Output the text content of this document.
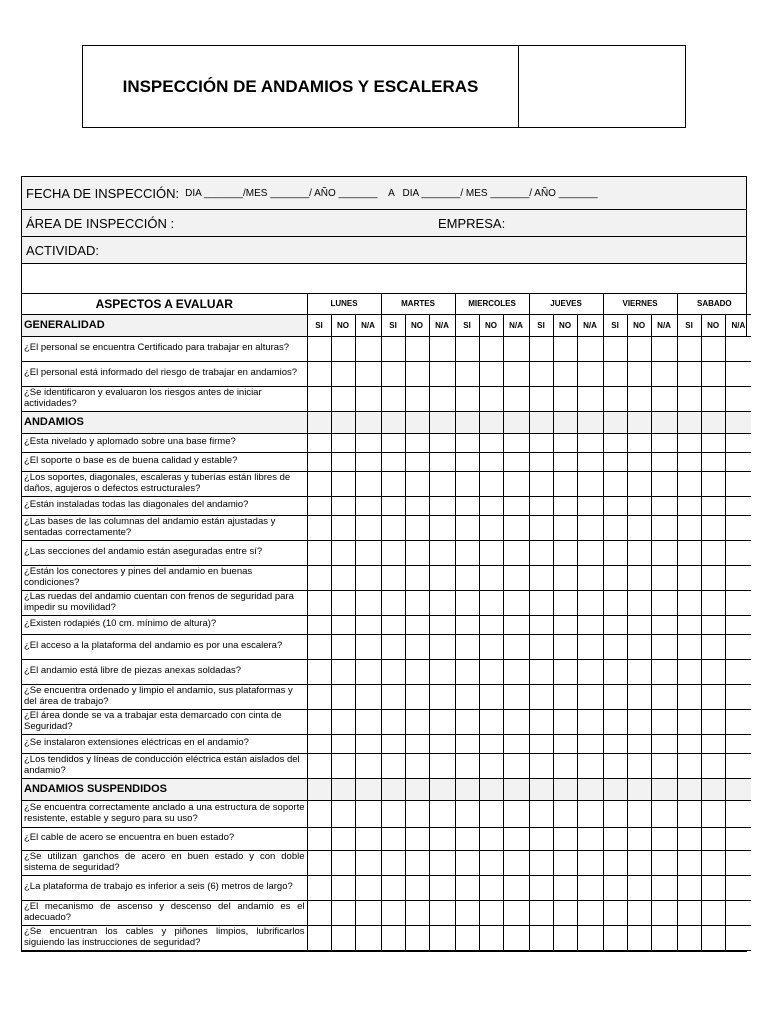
INSPECCIÓN DE ANDAMIOS Y ESCALERAS
FECHA DE INSPECCIÓN: DIA _______/MES _______/ AÑO _______    A   DIA _______/ MES _______/ AÑO _______
ÁREA DE INSPECCIÓN :	EMPRESA:
ACTIVIDAD:
ASPECTOS A EVALUAR	LUNES			MARTES			MIERCOLES			JUEVES			VIERNES			SABADO		
GENERALIDAD	SI	NO	N/A	SI	NO	N/A	SI	NO	N/A	SI	NO	N/A	SI	NO	N/A	SI	NO	N/A
¿El personal se encuentra Certificado para trabajar en alturas?																		
¿El personal está informado del riesgo de trabajar en andamios?																		
¿Se identificaron y evaluaron los riesgos antes de iniciar actividades?																		
ANDAMIOS																		
¿Esta nivelado y aplomado sobre una base firme?																		
¿El soporte o base es de buena calidad y estable?																		
¿Los soportes, diagonales, escaleras y tuberías están libres de daños, agujeros o defectos estructurales?																		
¿Están instaladas todas las diagonales del andamio?																		
¿Las bases de las columnas del andamio están ajustadas y sentadas correctamente?																		
¿Las secciones del andamio están aseguradas entre sí?																		
¿Están los conectores y pines del andamio en buenas condiciones?																		
¿Las ruedas del andamio cuentan con frenos de seguridad para impedir su movilidad?																		
¿Existen rodapiés (10 cm. mínimo de altura)?																		
¿El acceso a la plataforma del andamio es por una escalera?																		
¿El andamio está libre de piezas anexas soldadas?																		
¿Se encuentra ordenado y limpio el andamio, sus plataformas y del área de trabajo?																		
¿El área donde se va a trabajar esta demarcado con cinta de Seguridad?																		
¿Se instalaron extensiones eléctricas en el andamio?																		
¿Los tendidos y líneas de conducción eléctrica están aislados del andamio?																		
ANDAMIOS SUSPENDIDOS																		
¿Se encuentra correctamente anclado a una estructura de soporte resistente, estable y seguro para su uso?																		
¿El cable de acero se encuentra en buen estado?																		
¿Se utilizan ganchos de acero en buen estado y con doble sistema de seguridad?																		
¿La plataforma de trabajo es inferior a seis (6) metros de largo?																		
¿El mecanismo de ascenso y descenso del andamio es el adecuado?																		
¿Se encuentran los cables y piñones limpios, lubrificarlos siguiendo las instrucciones de seguridad?																		
